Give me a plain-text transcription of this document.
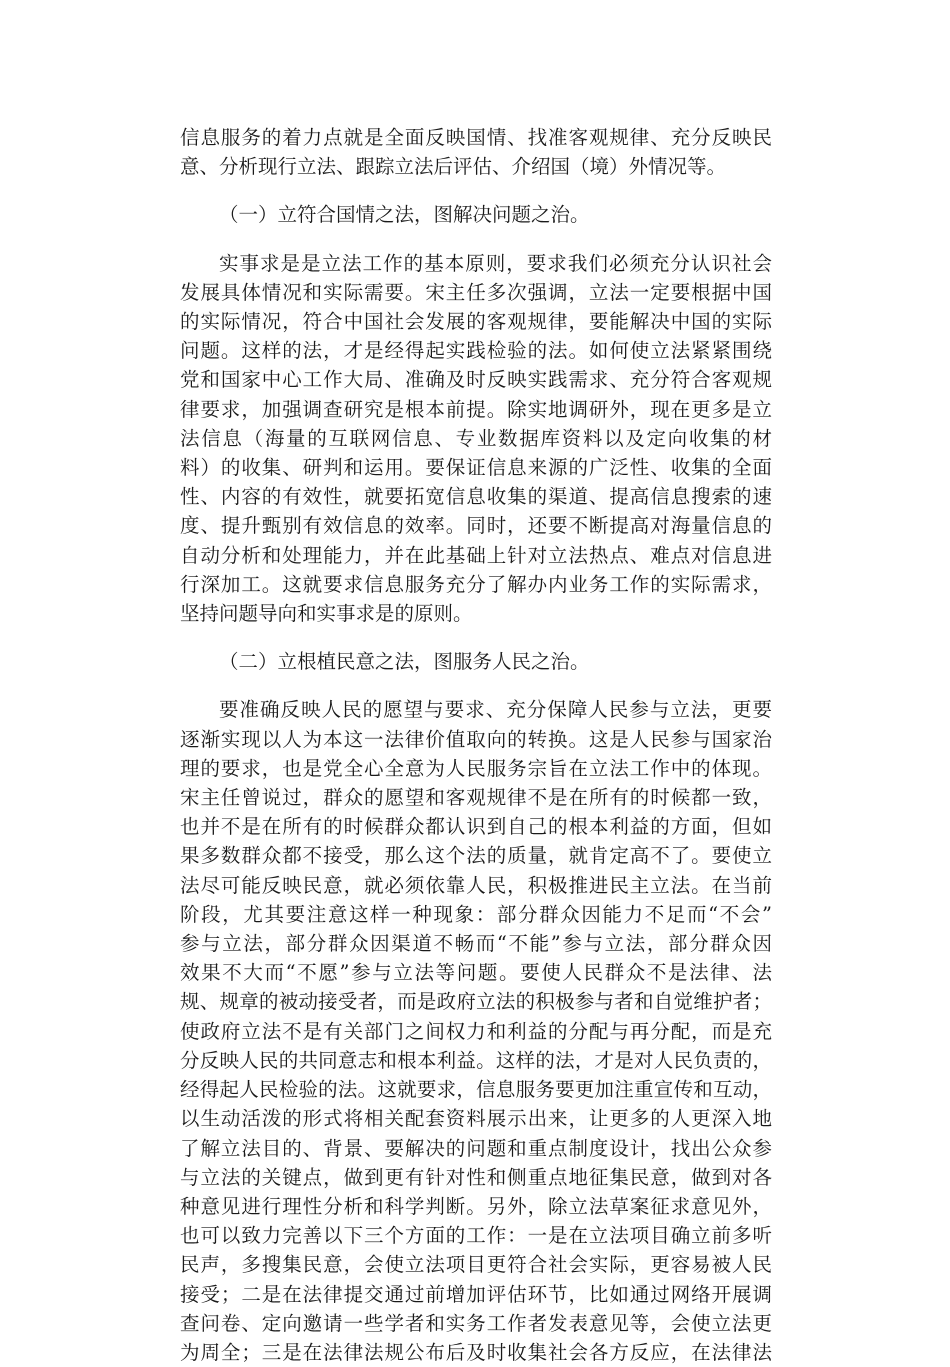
信息服务的着力点就是全面反映国情、找准客观规律、充分反映民
意、分析现行立法、跟踪立法后评估、介绍国（境）外情况等。
（一）立符合国情之法，图解决问题之治。
实事求是是立法工作的基本原则，要求我们必须充分认识社会
发展具体情况和实际需要。宋主任多次强调，立法一定要根据中国
的实际情况，符合中国社会发展的客观规律，要能解决中国的实际
问题。这样的法，才是经得起实践检验的法。如何使立法紧紧围绕
党和国家中心工作大局、准确及时反映实践需求、充分符合客观规
律要求，加强调查研究是根本前提。除实地调研外，现在更多是立
法信息（海量的互联网信息、专业数据库资料以及定向收集的材
料）的收集、研判和运用。要保证信息来源的广泛性、收集的全面
性、内容的有效性，就要拓宽信息收集的渠道、提高信息搜索的速
度、提升甄别有效信息的效率。同时，还要不断提高对海量信息的
自动分析和处理能力，并在此基础上针对立法热点、难点对信息进
行深加工。这就要求信息服务充分了解办内业务工作的实际需求，
坚持问题导向和实事求是的原则。
（二）立根植民意之法，图服务人民之治。
要准确反映人民的愿望与要求、充分保障人民参与立法，更要
逐渐实现以人为本这一法律价值取向的转换。这是人民参与国家治
理的要求，也是党全心全意为人民服务宗旨在立法工作中的体现。
宋主任曾说过，群众的愿望和客观规律不是在所有的时候都一致，
也并不是在所有的时候群众都认识到自己的根本利益的方面，但如
果多数群众都不接受，那么这个法的质量，就肯定高不了。要使立
法尽可能反映民意，就必须依靠人民，积极推进民主立法。在当前
阶段，尤其要注意这样一种现象：部分群众因能力不足而“不会”
参与立法，部分群众因渠道不畅而“不能”参与立法，部分群众因
效果不大而“不愿”参与立法等问题。要使人民群众不是法律、法
规、规章的被动接受者，而是政府立法的积极参与者和自觉维护者；
使政府立法不是有关部门之间权力和利益的分配与再分配，而是充
分反映人民的共同意志和根本利益。这样的法，才是对人民负责的，
经得起人民检验的法。这就要求，信息服务要更加注重宣传和互动，
以生动活泼的形式将相关配套资料展示出来，让更多的人更深入地
了解立法目的、背景、要解决的问题和重点制度设计，找出公众参
与立法的关键点，做到更有针对性和侧重点地征集民意，做到对各
种意见进行理性分析和科学判断。另外，除立法草案征求意见外，
也可以致力完善以下三个方面的工作：一是在立法项目确立前多听
民声，多搜集民意，会使立法项目更符合社会实际，更容易被人民
接受；二是在法律提交通过前增加评估环节，比如通过网络开展调
查问卷、定向邀请一些学者和实务工作者发表意见等，会使立法更
为周全；三是在法律法规公布后及时收集社会各方反应，在法律法
